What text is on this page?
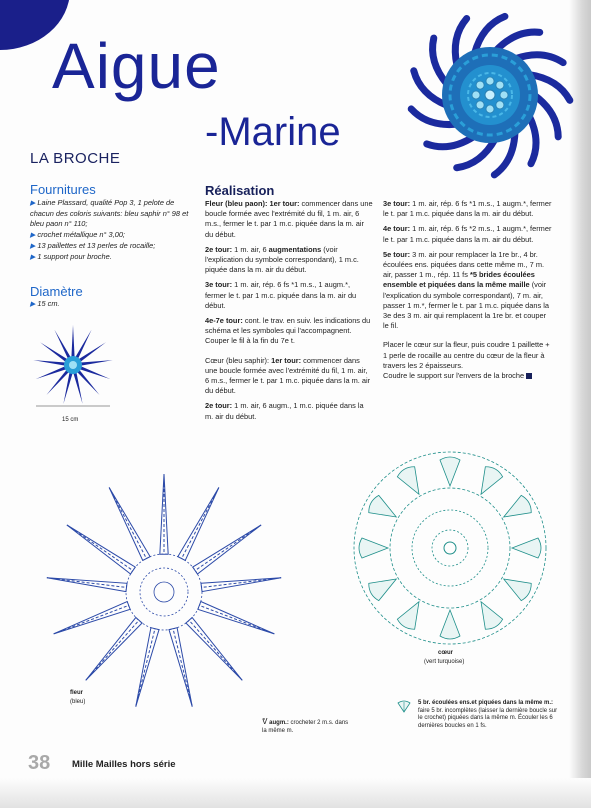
Aigue
-Marine
LA BROCHE
Fournitures
▶ Laine Plassard, qualité Pop 3, 1 pelote de chacun des coloris suivants: bleu saphir n° 98 et bleu paon n° 110;
▶ crochet métallique n° 3,00;
▶ 13 paillettes et 13 perles de rocaille;
▶ 1 support pour broche.
Diamètre
▶ 15 cm.
15 cm
Réalisation

Fleur (bleu paon): 1er tour: commencer dans une boucle formée avec l'extrémité du fil, 1 m. air, 6 m.s., fermer le t. par 1 m.c. piquée dans la m. air du début.

2e tour: 1 m. air, 6 augmentations (voir l'explication du symbole correspondant), 1 m.c. piquée dans la m. air du début.

3e tour: 1 m. air, rép. 6 fs *1 m.s., 1 augm.*, fermer le t. par 1 m.c. piquée dans la m. air du début.

4e-7e tour: cont. le trav. en suiv. les indications du schéma et les symboles qui l'accompagnent. Couper le fil à la fin du 7e t.

Cœur (bleu saphir): 1er tour: commencer dans une boucle formée avec l'extrémité du fil, 1 m. air, 6 m.s., fermer le t. par 1 m.c. piquée dans la m. air du début.

2e tour: 1 m. air, 6 augm., 1 m.c. piquée dans la m. air du début.

3e tour: 1 m. air, rép. 6 fs *1 m.s., 1 augm.*, fermer le t. par 1 m.c. piquée dans la m. air du début.

4e tour: 1 m. air, rép. 6 fs *2 m.s., 1 augm.*, fermer le t. par 1 m.c. piquée dans la m. air du début.

5e tour: 3 m. air pour remplacer la 1re br., 4 br. écoulées ens. piquées dans cette même m., 7 m. air, passer 1 m., rép. 11 fs *5 brides écoulées ensemble et piquées dans la même maille (voir l'explication du symbole correspondant), 7 m. air, passer 1 m.*, fermer le t. par 1 m.c. piquée dans la 3e des 3 m. air qui remplacent la 1re br. et couper le fil.

Placer le cœur sur la fleur, puis coudre 1 paillette + 1 perle de rocaille au centre du cœur de la fleur à travers les 2 épaisseurs.

Coudre le support sur l'envers de la broche

fleur
(bleu)
cœur
(vert turquoise)
ᕓ augm.: crocheter 2 m.s. dans la même m.
5 br. écoulées ens.et piquées dans la même m.: faire 5 br. incomplètes (laisser la dernière boucle sur le crochet) piquées dans la même m. Écouler les 6 dernières boucles en 1 fs.
38 Mille Mailles hors série
